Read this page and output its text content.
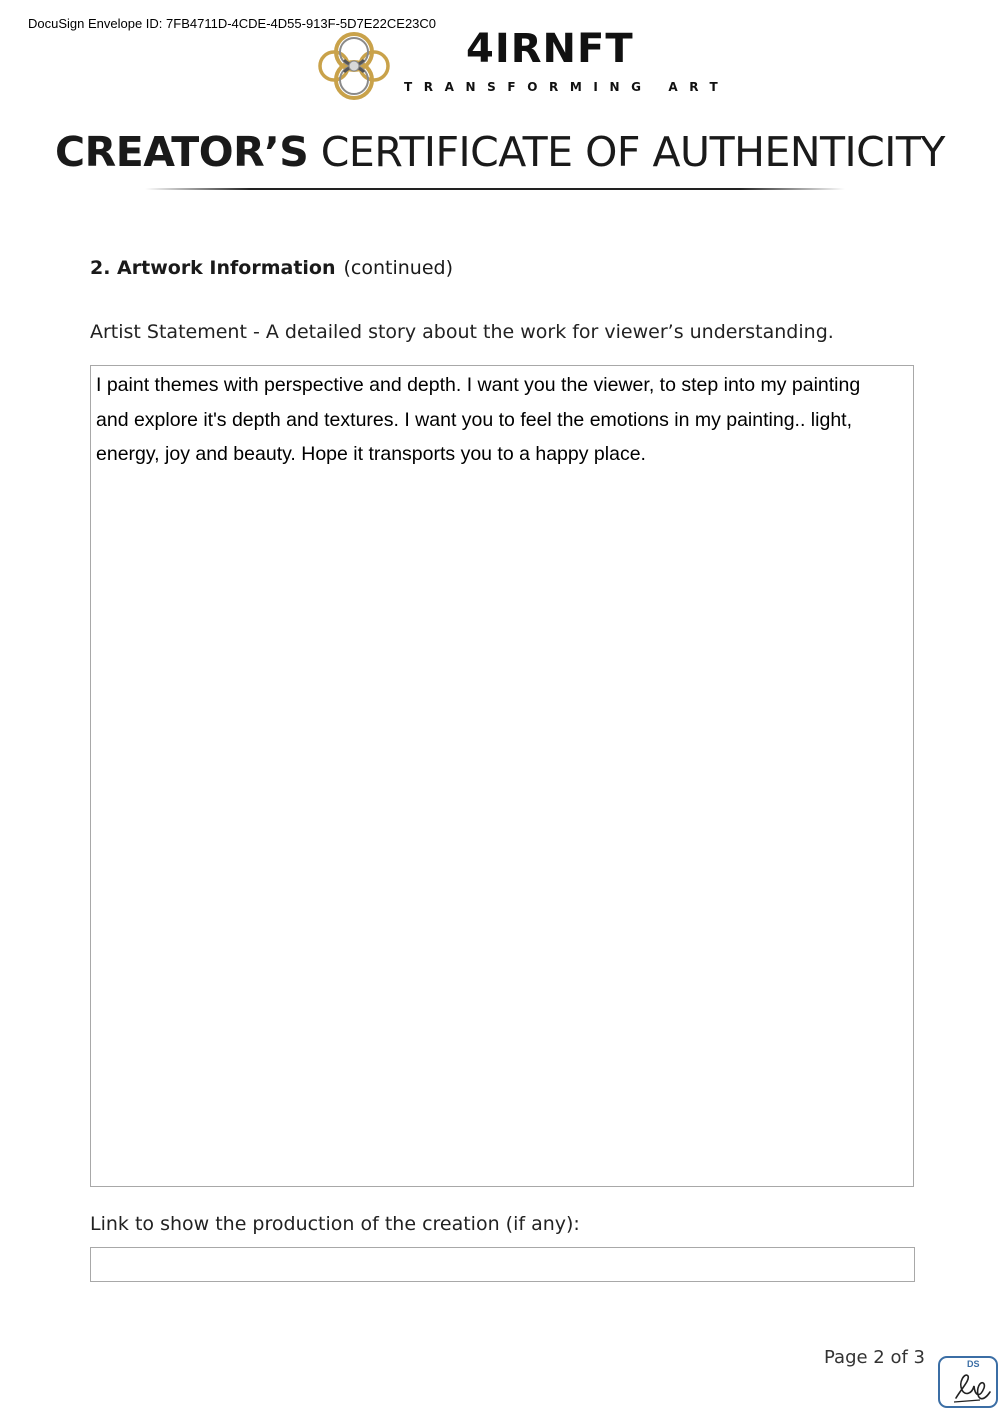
DocuSign Envelope ID: 7FB4711D-4CDE-4D55-913F-5D7E22CE23C0
4IRNFT
TRANSFORMING ART
CREATOR’S CERTIFICATE OF AUTHENTICITY
2. Artwork Information (continued)
Artist Statement - A detailed story about the work for viewer’s understanding.
I paint themes with perspective and depth. I want you the viewer, to step into my painting
and explore it's depth and textures. I want you to feel the emotions in my painting.. light,
energy, joy and beauty. Hope it transports you to a happy place.
Link to show the production of the creation (if any):
Page 2 of 3	DS
